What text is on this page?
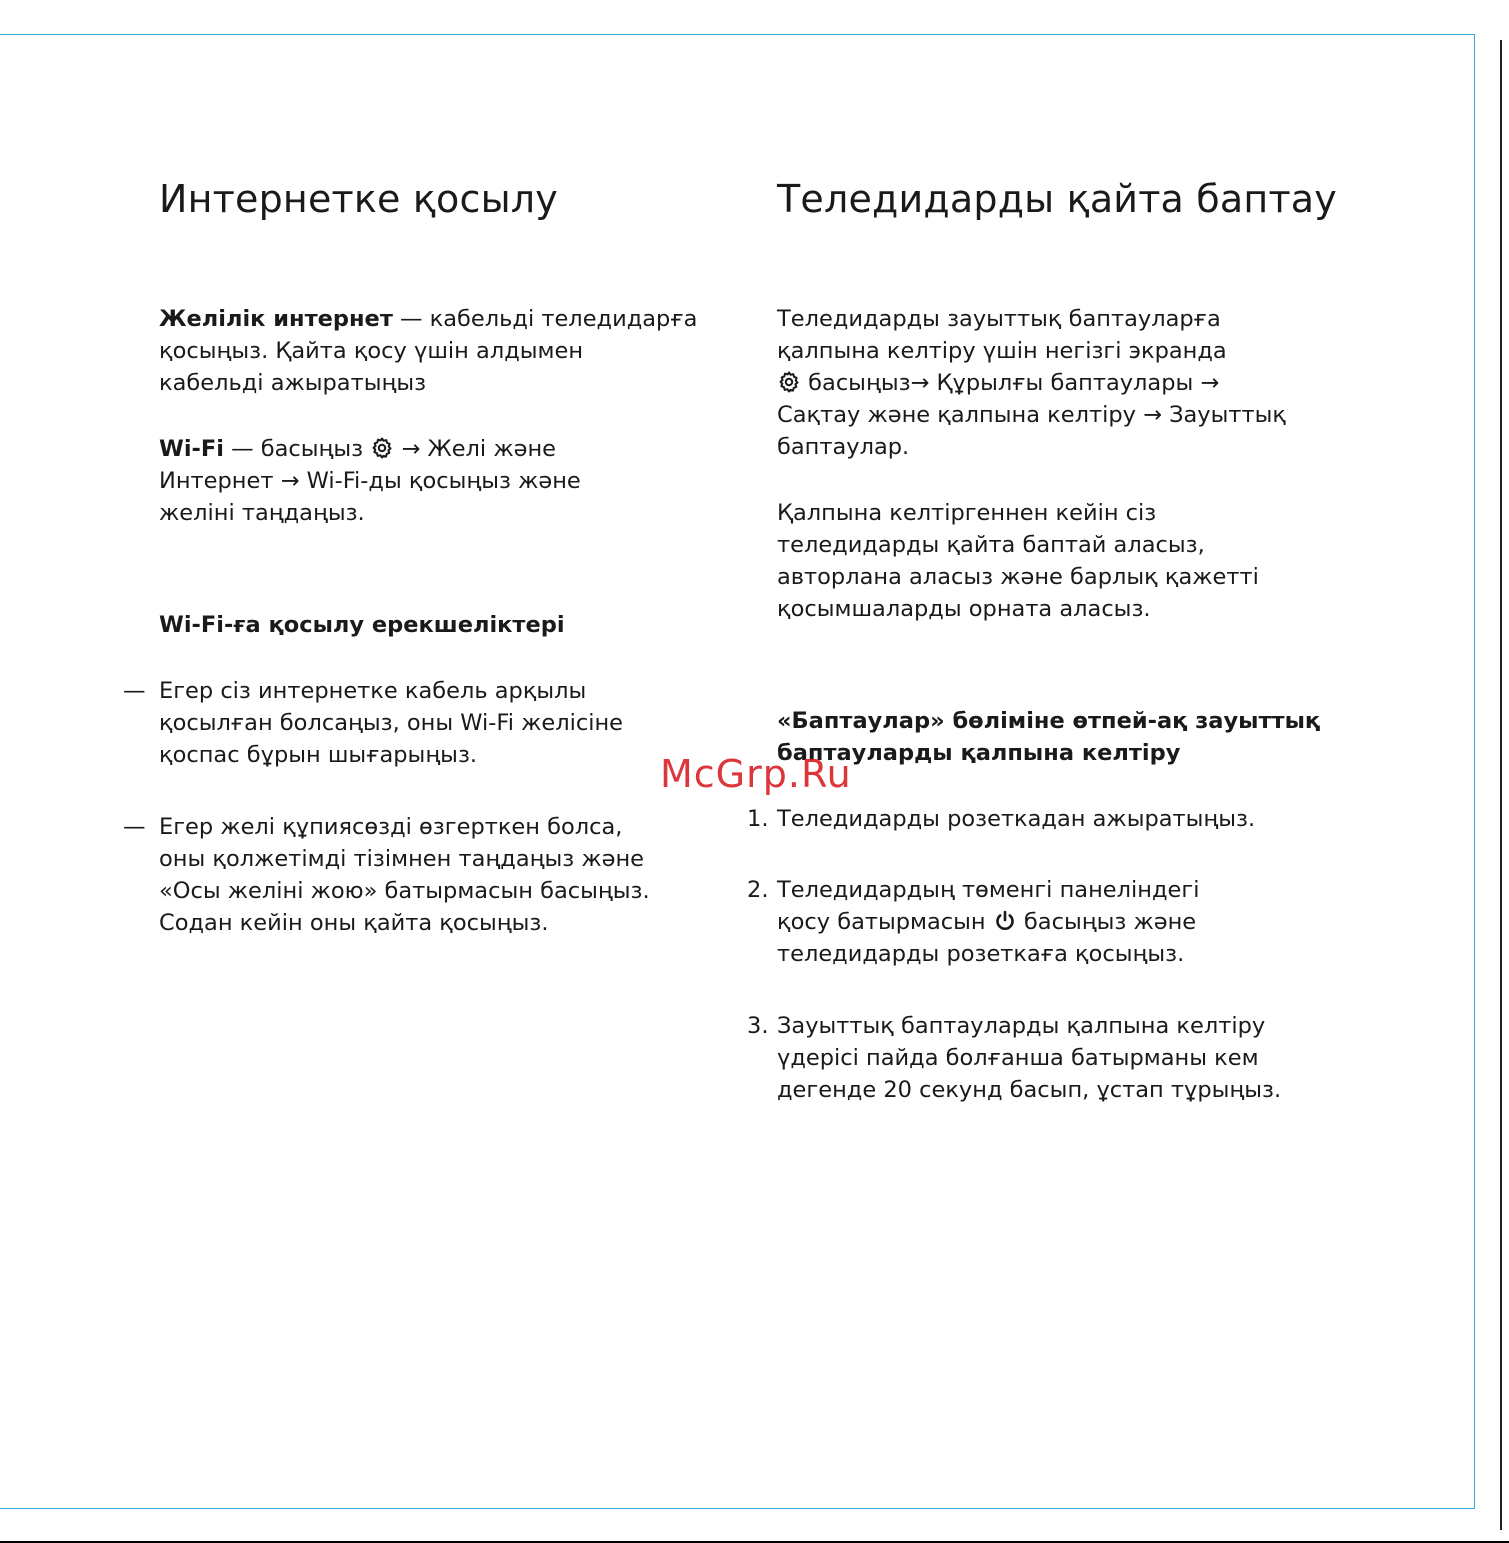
Интернетке қосылу
Желілік интернет — кабельді теледидарға
қосыңыз. Қайта қосу үшін алдымен
кабельді ажыратыңыз
Wi-Fi — басыңыз  → Желі және
Интернет → Wi-Fi-ды қосыңыз және
желіні таңдаңыз.
Wi-Fi-ға қосылу ерекшеліктері
— Егер сіз интернетке кабель арқылы
қосылған болсаңыз, оны Wi-Fi желісіне
қоспас бұрын шығарыңыз.
— Егер желі құпиясөзді өзгерткен болса,
оны қолжетімді тізімнен таңдаңыз және
«Осы желіні жою» батырмасын басыңыз.
Содан кейін оны қайта қосыңыз.
Теледидарды қайта баптау
Теледидарды зауыттық баптауларға
қалпына келтіру үшін негізгі экранда
басыңыз→ Құрылғы баптаулары →
Сақтау және қалпына келтіру → Зауыттық
баптаулар.
Қалпына келтіргеннен кейін сіз
теледидарды қайта баптай аласыз,
авторлана аласыз және барлық қажетті
қосымшаларды орната аласыз.
«Баптаулар» бөліміне өтпей-ақ зауыттық
баптауларды қалпына келтіру
1. Теледидарды розеткадан ажыратыңыз.
2. Теледидардың төменгі панеліндегі
қосу батырмасын  басыңыз және
теледидарды розеткаға қосыңыз.
3. Зауыттық баптауларды қалпына келтіру
үдерісі пайда болғанша батырманы кем
дегенде 20 секунд басып, ұстап тұрыңыз.
McGrp.Ru
